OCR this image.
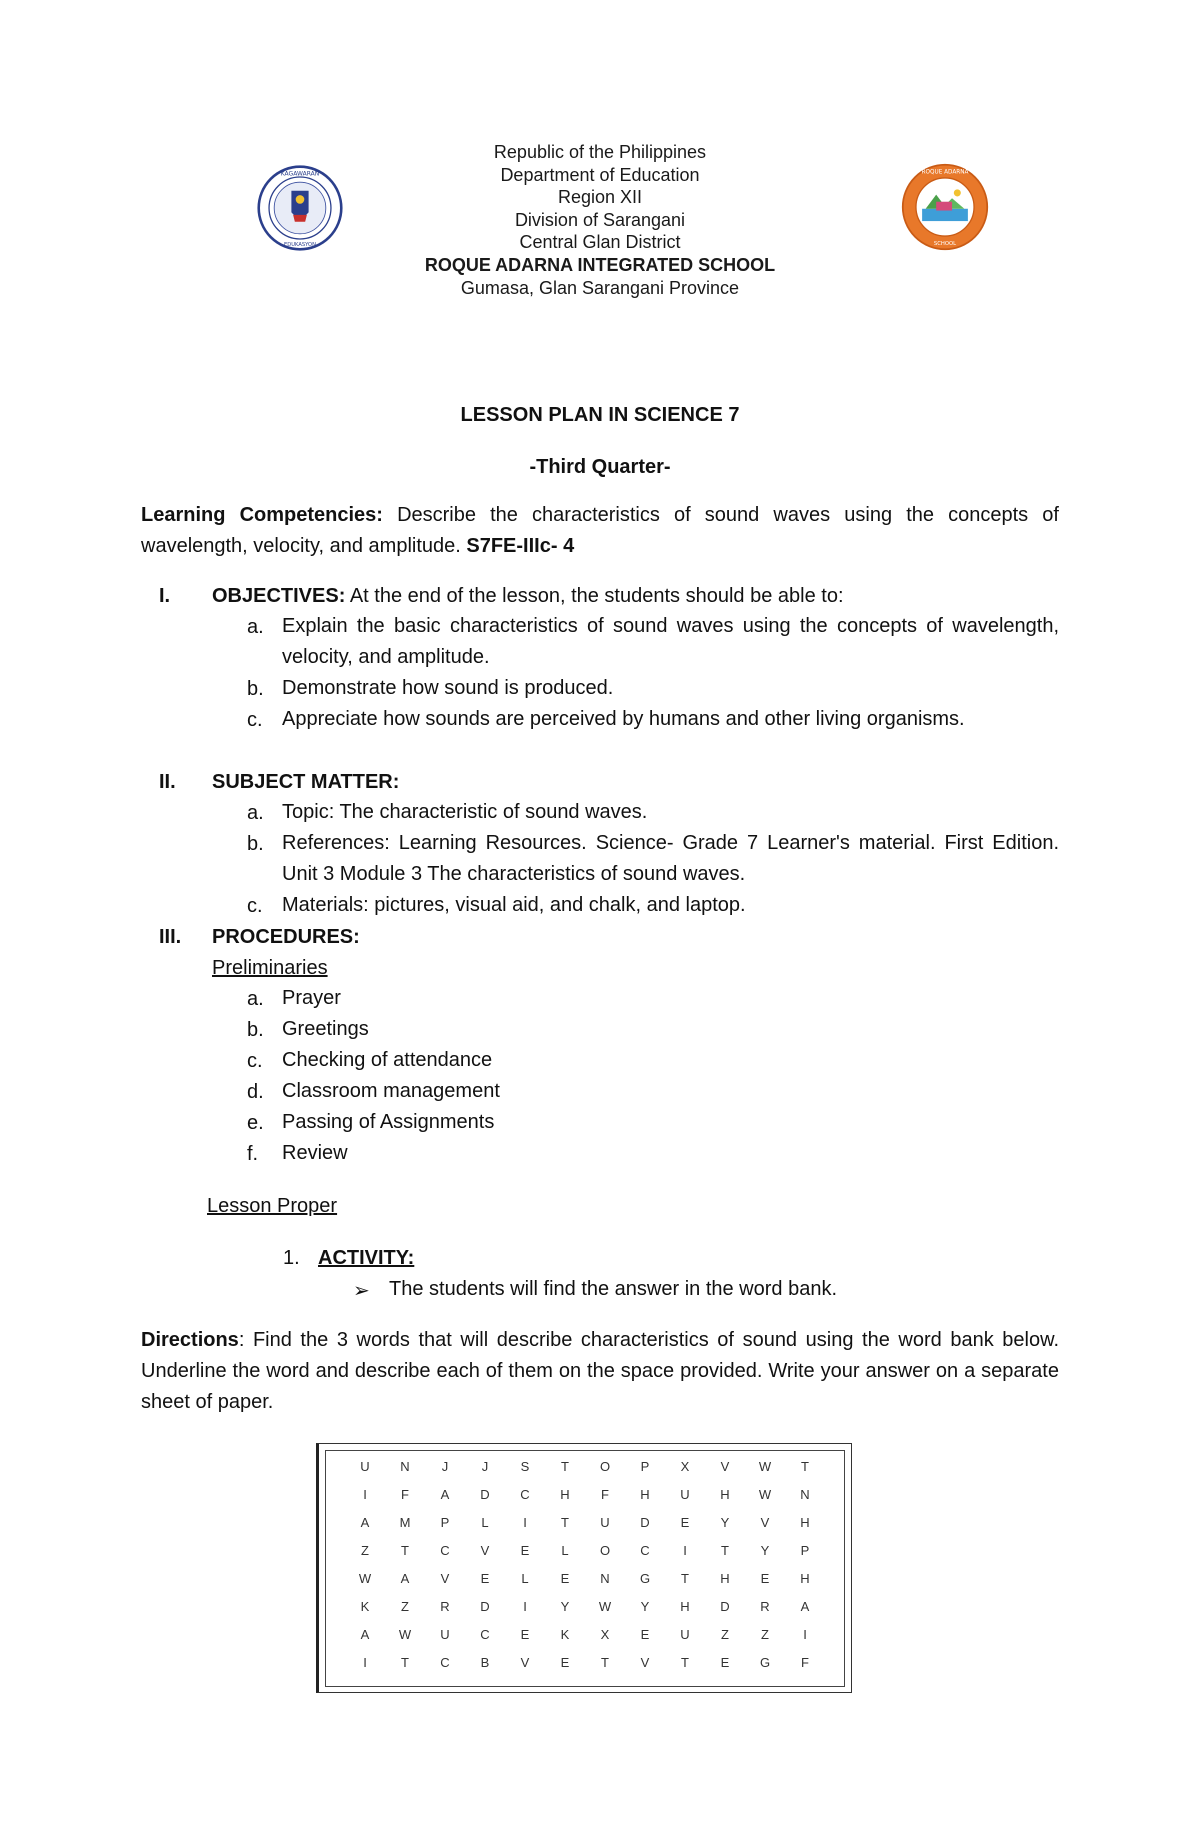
KAGAWARAN
EDUKASYON
ROQUE ADARNA
SCHOOL
Republic of the Philippines
Department of Education
Region XII
Division of Sarangani
Central Glan District
ROQUE ADARNA INTEGRATED SCHOOL
Gumasa, Glan Sarangani Province
LESSON PLAN IN SCIENCE 7
-Third Quarter-
Learning Competencies: Describe the characteristics of sound waves using the concepts of wavelength, velocity, and amplitude. S7FE-IIIc- 4
I. OBJECTIVES: At the end of the lesson, the students should be able to:
a. Explain the basic characteristics of sound waves using the concepts of wavelength, velocity, and amplitude.
b. Demonstrate how sound is produced.
c. Appreciate how sounds are perceived by humans and other living organisms.
II. SUBJECT MATTER:
a. Topic: The characteristic of sound waves.
b. References: Learning Resources. Science- Grade 7 Learner's material. First Edition. Unit 3 Module 3 The characteristics of sound waves.
c. Materials: pictures, visual aid, and chalk, and laptop.
III. PROCEDURES:
Preliminaries
a. Prayer
b. Greetings
c. Checking of attendance
d. Classroom management
e. Passing of Assignments
f. Review
Lesson Proper
1. ACTIVITY:
➢ The students will find the answer in the word bank.
Directions: Find the 3 words that will describe characteristics of sound using the word bank below. Underline the word and describe each of them on the space provided. Write your answer on a separate sheet of paper.
U	N	J	J	S	T	O	P	X	V	W	T
I	F	A	D	C	H	F	H	U	H	W	N
A	M	P	L	I	T	U	D	E	Y	V	H
Z	T	C	V	E	L	O	C	I	T	Y	P
W	A	V	E	L	E	N	G	T	H	E	H
K	Z	R	D	I	Y	W	Y	H	D	R	A
A	W	U	C	E	K	X	E	U	Z	Z	I
I	T	C	B	V	E	T	V	T	E	G	F
